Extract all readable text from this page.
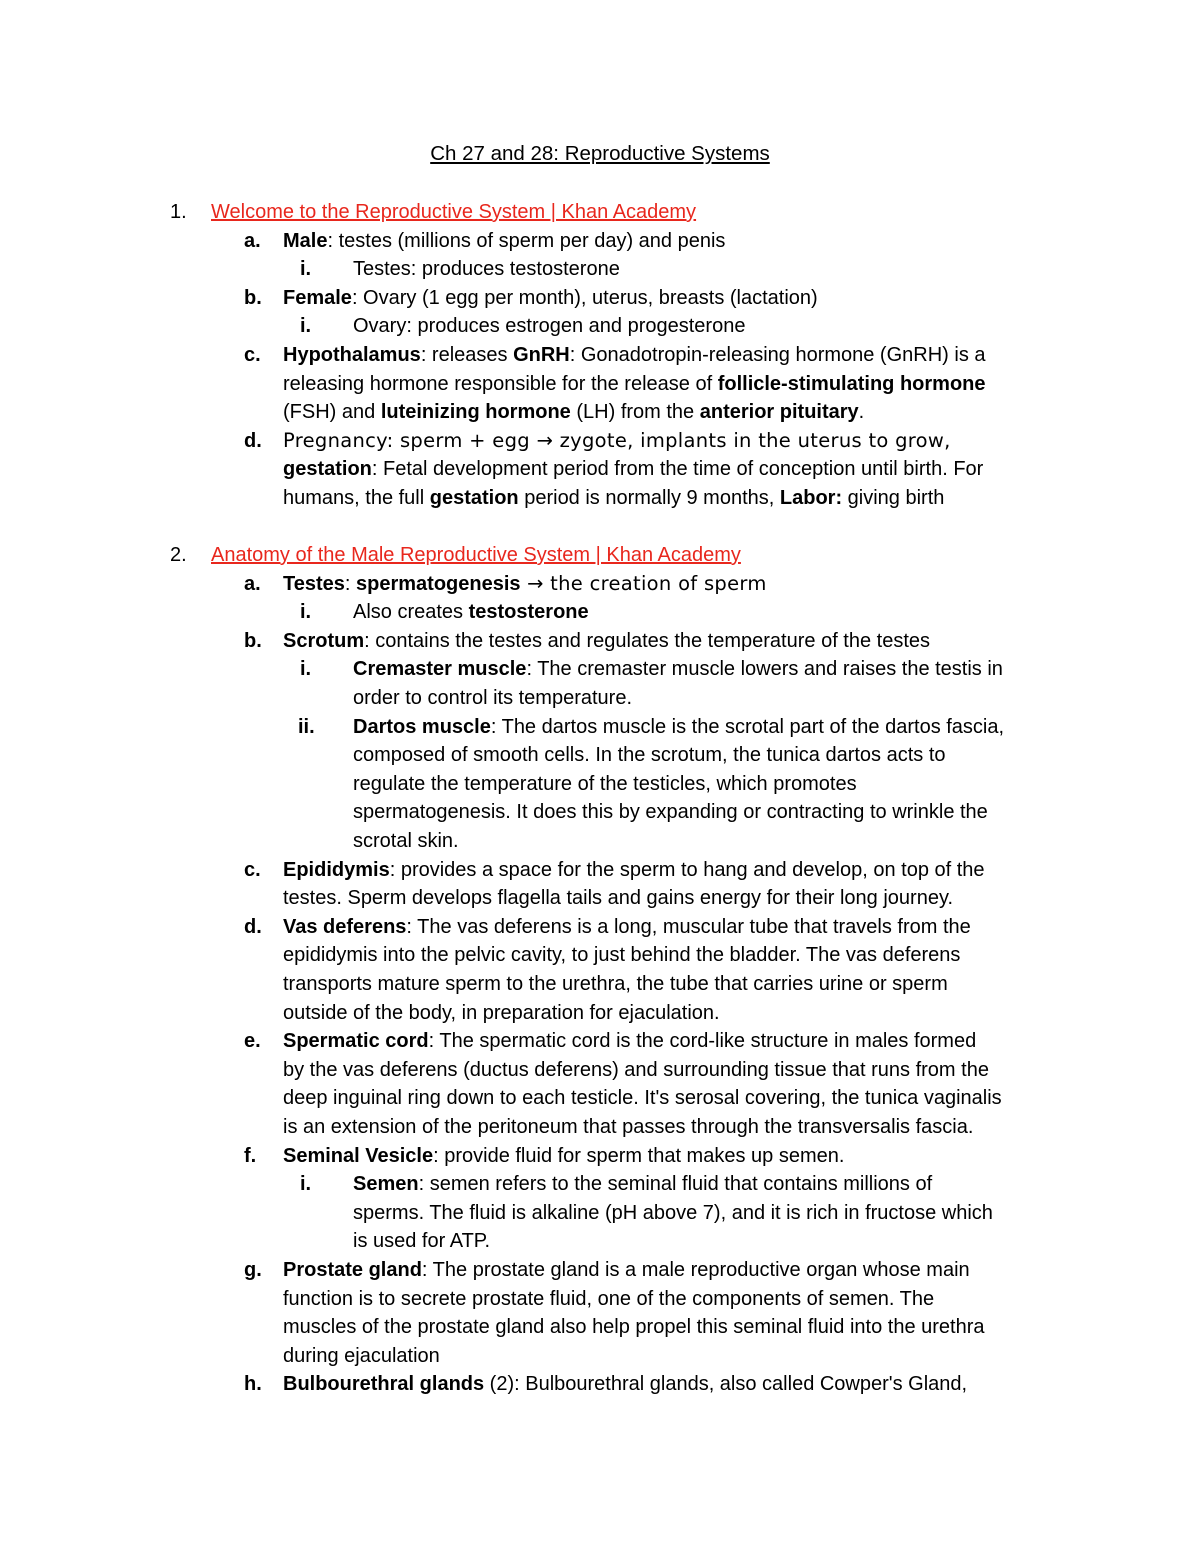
Ch 27 and 28: Reproductive Systems
1. Welcome to the Reproductive System | Khan Academy
a. Male: testes (millions of sperm per day) and penis
i. Testes: produces testosterone
b. Female: Ovary (1 egg per month), uterus, breasts (lactation)
i. Ovary: produces estrogen and progesterone
c. Hypothalamus: releases GnRH: Gonadotropin-releasing hormone (GnRH) is a
releasing hormone responsible for the release of follicle-stimulating hormone
(FSH) and luteinizing hormone (LH) from the anterior pituitary.
d. Pregnancy: sperm + egg → zygote, implants in the uterus to grow,
gestation: Fetal development period from the time of conception until birth. For
humans, the full gestation period is normally 9 months, Labor: giving birth
2. Anatomy of the Male Reproductive System | Khan Academy
a. Testes: spermatogenesis → the creation of sperm
i. Also creates testosterone
b. Scrotum: contains the testes and regulates the temperature of the testes
i. Cremaster muscle: The cremaster muscle lowers and raises the testis in
order to control its temperature.
ii. Dartos muscle: The dartos muscle is the scrotal part of the dartos fascia,
composed of smooth cells. In the scrotum, the tunica dartos acts to
regulate the temperature of the testicles, which promotes
spermatogenesis. It does this by expanding or contracting to wrinkle the
scrotal skin.
c. Epididymis: provides a space for the sperm to hang and develop, on top of the
testes. Sperm develops flagella tails and gains energy for their long journey.
d. Vas deferens: The vas deferens is a long, muscular tube that travels from the
epididymis into the pelvic cavity, to just behind the bladder. The vas deferens
transports mature sperm to the urethra, the tube that carries urine or sperm
outside of the body, in preparation for ejaculation.
e. Spermatic cord: The spermatic cord is the cord-like structure in males formed
by the vas deferens (ductus deferens) and surrounding tissue that runs from the
deep inguinal ring down to each testicle. It's serosal covering, the tunica vaginalis
is an extension of the peritoneum that passes through the transversalis fascia.
f. Seminal Vesicle: provide fluid for sperm that makes up semen.
i. Semen: semen refers to the seminal fluid that contains millions of
sperms. The fluid is alkaline (pH above 7), and it is rich in fructose which
is used for ATP.
g. Prostate gland: The prostate gland is a male reproductive organ whose main
function is to secrete prostate fluid, one of the components of semen. The
muscles of the prostate gland also help propel this seminal fluid into the urethra
during ejaculation
h. Bulbourethral glands (2): Bulbourethral glands, also called Cowper's Gland,
